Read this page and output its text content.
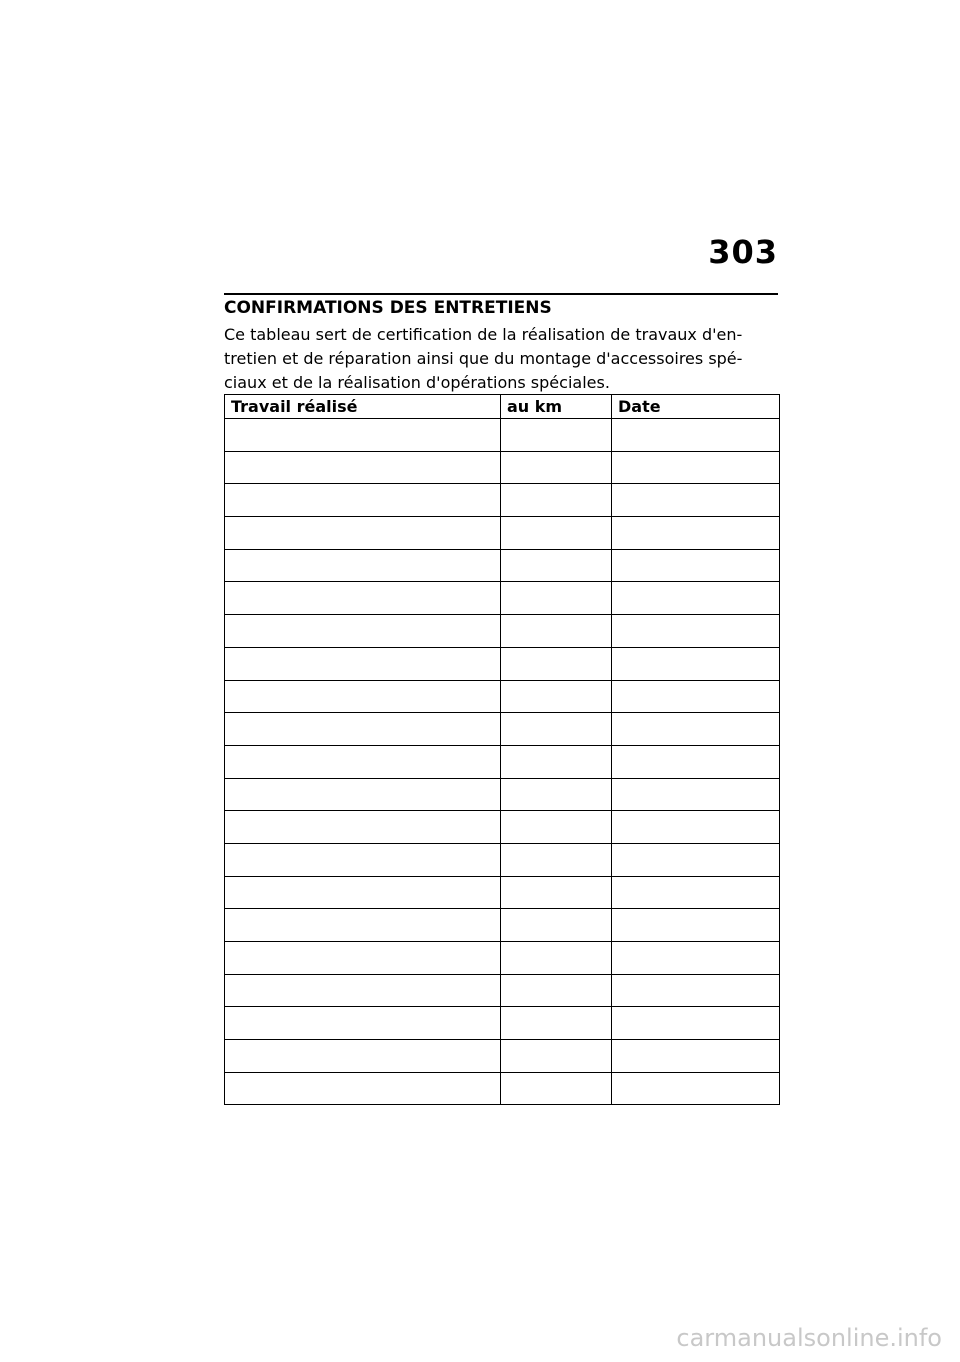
303
CONFIRMATIONS DES ENTRETIENS
Ce tableau sert de certification de la réalisation de travaux d'en-
tretien et de réparation ainsi que du montage d'accessoires spé-
ciaux et de la réalisation d'opérations spéciales.
Travail réalisé	au km	Date

carmanualsonline.info
